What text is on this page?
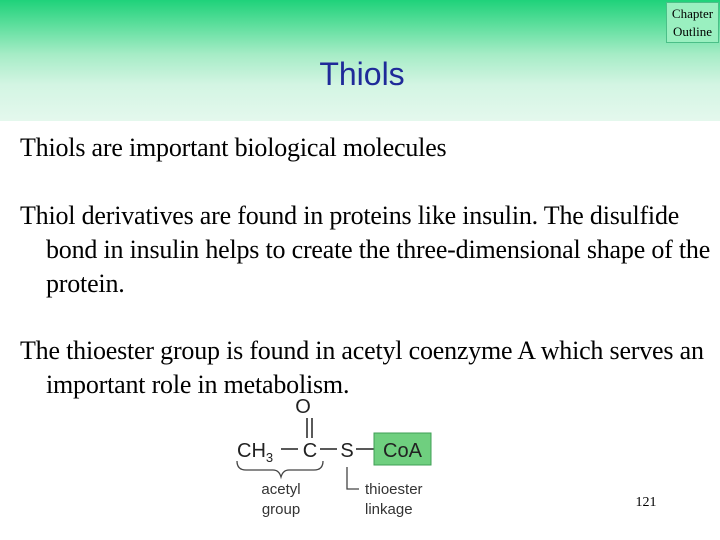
Chapter
Outline
Thiols

Thiols are important biological molecules

Thiol derivatives are found in proteins like insulin. The disulfide bond in insulin helps to create the three-dimensional shape of the protein.

The thioester group is found in acetyl coenzyme A which serves an important role in metabolism.

O
$CH_3$ C S CoA
acetyl
group
thioester
linkage	121
